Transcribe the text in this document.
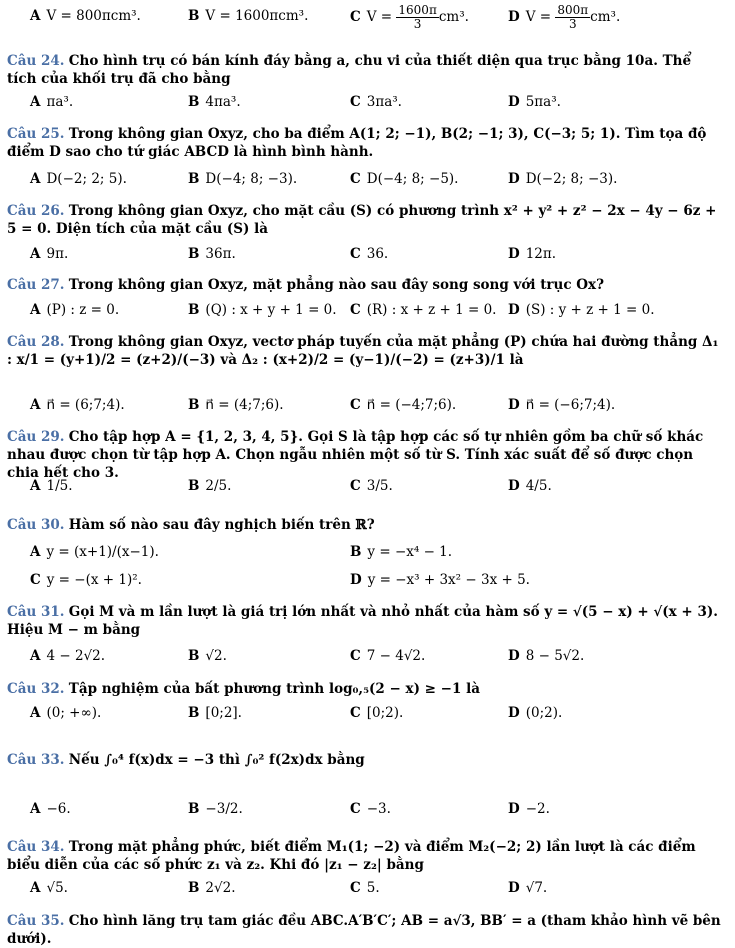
A V = 800πcm³.	B V = 1600πcm³.	C $V = \frac{1600\pi}{3} cm^3$.	D $V = \frac{800\pi}{3} cm^3$.
Câu 24. Cho hình trụ có bán kính đáy bằng a, chu vi của thiết diện qua trục bằng 10a. Thể tích của khối trụ đã cho bằng
A πa³.	B 4πa³.	C 3πa³.	D 5πa³.
Câu 25. Trong không gian Oxyz, cho ba điểm A(1; 2; −1), B(2; −1; 3), C(−3; 5; 1). Tìm tọa độ điểm D sao cho tứ giác ABCD là hình bình hành.
A D(−2; 2; 5).	B D(−4; 8; −3).	C D(−4; 8; −5).	D D(−2; 8; −3).
Câu 26. Trong không gian Oxyz, cho mặt cầu (S) có phương trình x² + y² + z² − 2x − 4y − 6z + 5 = 0. Diện tích của mặt cầu (S) là
A 9π.	B 36π.	C 36.	D 12π.
Câu 27. Trong không gian Oxyz, mặt phẳng nào sau đây song song với trục Ox?
A (P) : z = 0.	B (Q) : x + y + 1 = 0. C (R) : x + z + 1 = 0. D (S) : y + z + 1 = 0.
Câu 28. Trong không gian Oxyz, vectơ pháp tuyến của mặt phẳng (P) chứa hai đường thẳng Δ₁ : x/1 = (y+1)/2 = (z+2)/(−3) và Δ₂ : (x+2)/2 = (y−1)/(−2) = (z+3)/1 là
A n⃗ = (6;7;4).	B n⃗ = (4;7;6).	C n⃗ = (−4;7;6).	D n⃗ = (−6;7;4).
Câu 29. Cho tập hợp A = {1, 2, 3, 4, 5}. Gọi S là tập hợp các số tự nhiên gồm ba chữ số khác nhau được chọn từ tập hợp A. Chọn ngẫu nhiên một số từ S. Tính xác suất để số được chọn chia hết cho 3.
A 1/5.	B 2/5.	C 3/5.	D 4/5.
Câu 30. Hàm số nào sau đây nghịch biến trên ℝ?
A y = (x+1)/(x−1).	B y = −x⁴ − 1.
C y = −(x + 1)².	D y = −x³ + 3x² − 3x + 5.
Câu 31. Gọi M và m lần lượt là giá trị lớn nhất và nhỏ nhất của hàm số y = √(5 − x) + √(x + 3). Hiệu M − m bằng
A 4 − 2√2.	B √2.	C 7 − 4√2.	D 8 − 5√2.
Câu 32. Tập nghiệm của bất phương trình log₀,₅(2 − x) ≥ −1 là
A (0; +∞).	B [0;2].	C [0;2).	D (0;2).
Câu 33. Nếu ∫₀⁴ f(x)dx = −3 thì ∫₀² f(2x)dx bằng
A −6.	B −3/2.	C −3.	D −2.
Câu 34. Trong mặt phẳng phức, biết điểm M₁(1; −2) và điểm M₂(−2; 2) lần lượt là các điểm biểu diễn của các số phức z₁ và z₂. Khi đó |z₁ − z₂| bằng
A √5.	B 2√2.	C 5.	D √7.
Câu 35. Cho hình lăng trụ tam giác đều ABC.A′B′C′; AB = a√3, BB′ = a (tham khảo hình vẽ bên dưới).
